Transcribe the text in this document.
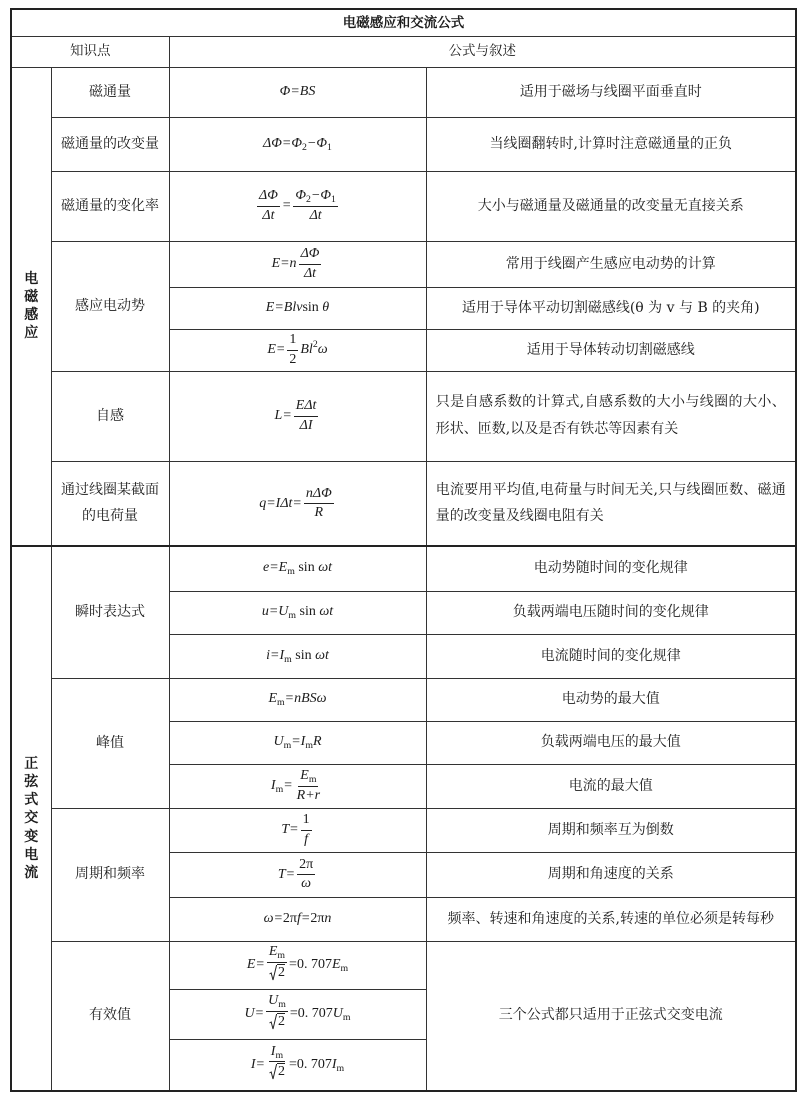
电磁感应和交流公式			
知识点		公式与叙述	

电磁感应	磁通量	Φ=BS	适用于磁场与线圈平面垂直时
	磁通量的改变量	$\Delta\Phi=\Phi_2-\Phi_1$	当线圈翻转时,计算时注意磁通量的正负
	磁通量的变化率	$\frac{\Delta\Phi}{\Delta t} = \frac{\Phi_2-\Phi_1}{\Delta t}$	大小与磁通量及磁通量的改变量无直接关系
	感应电动势	$E=n \frac{\Delta\Phi}{\Delta t}$	常用于线圈产生感应电动势的计算
		E=Blvsin θ	适用于导体平动切割磁感线(θ 为 v 与 B 的夹角)
		$E= \frac{1}{2} Bl^2\omega$	适用于导体转动切割磁感线
	自感	$L= \frac{\text{EΔt}}{\Delta I}$	只是自感系数的计算式,自感系数的大小与线圈的大小、形状、匝数,以及是否有铁芯等因素有关

	通过线圈某截面的电荷量	$q=I\Delta t= \frac{\text{nΔΦ}}{R}$	电流要用平均值,电荷量与时间无关,只与线圈匝数、磁通量的改变量及线圈电阻有关

正弦式交变电流	瞬时表达式	$e=E_m$ sin ωt	电动势随时间的变化规律
		$u=U_m$ sin ωt	负载两端电压随时间的变化规律
		$i=I_m$ sin ωt	电流随时间的变化规律
	峰值	$E_m=nBS\omega$	电动势的最大值
		$U_m=I_mR$	负载两端电压的最大值
		$I_m= \frac{E_m}{R+r}$	电流的最大值
	周期和频率	$T= \frac{1}{f}$	周期和频率互为倒数
		$T= \frac{2\pi}{\omega}$	周期和角速度的关系
		ω=2πf=2πn	频率、转速和角速度的关系,转速的单位必须是转每秒
	有效值	$E= \frac{E_m}{2} =0$. $707E_m$	三个公式都只适用于正弦式交变电流
		$U= \frac{U_m}{2} =0$. $707U_m$
		$I= \frac{I_m}{2} =0$. $707I_m$
